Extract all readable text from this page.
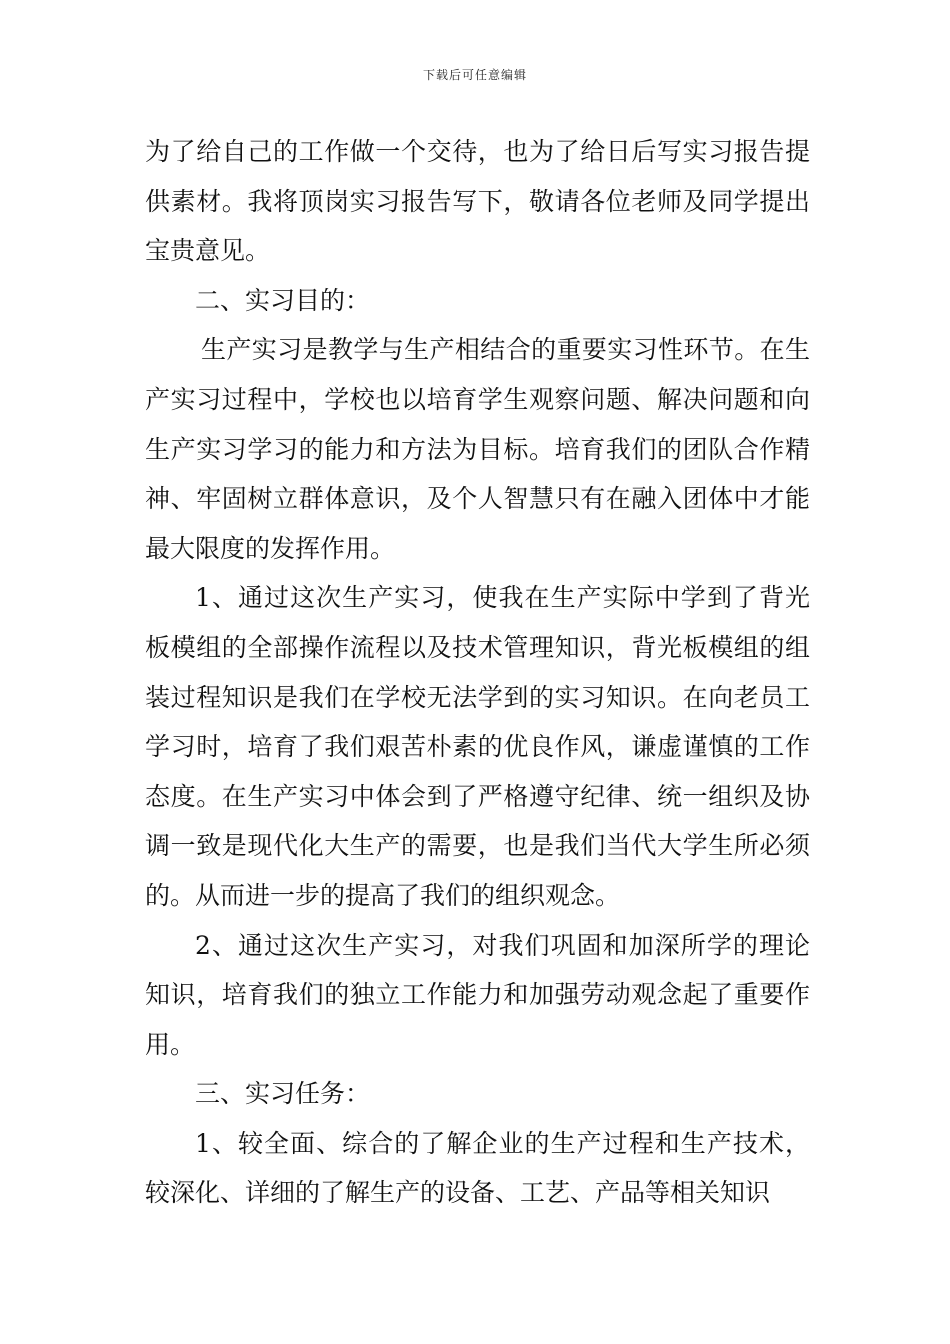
下载后可任意编辑

为了给自己的工作做一个交待，也为了给日后写实习报告提供素材。我将顶岗实习报告写下，敬请各位老师及同学提出宝贵意见。

二、实习目的：

生产实习是教学与生产相结合的重要实习性环节。在生产实习过程中，学校也以培育学生观察问题、解决问题和向生产实习学习的能力和方法为目标。培育我们的团队合作精神、牢固树立群体意识，及个人智慧只有在融入团体中才能最大限度的发挥作用。

1、通过这次生产实习，使我在生产实际中学到了背光板模组的全部操作流程以及技术管理知识，背光板模组的组装过程知识是我们在学校无法学到的实习知识。在向老员工学习时，培育了我们艰苦朴素的优良作风，谦虚谨慎的工作态度。在生产实习中体会到了严格遵守纪律、统一组织及协调一致是现代化大生产的需要，也是我们当代大学生所必须的。从而进一步的提高了我们的组织观念。

2、通过这次生产实习，对我们巩固和加深所学的理论知识，培育我们的独立工作能力和加强劳动观念起了重要作用。

三、实习任务：

1、较全面、综合的了解企业的生产过程和生产技术，较深化、详细的了解生产的设备、工艺、产品等相关知识
